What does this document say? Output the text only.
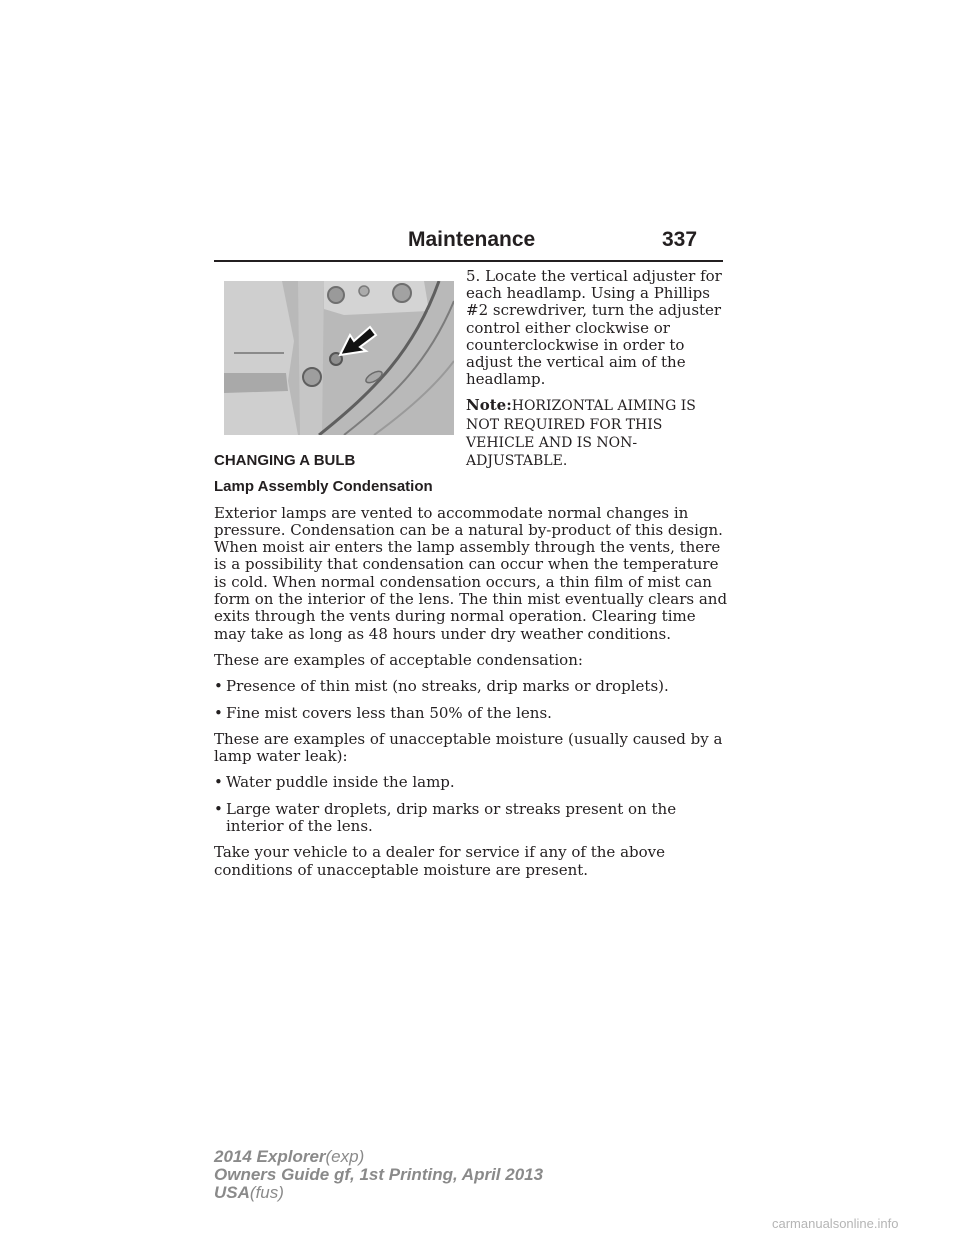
Maintenance	337

5. Locate the vertical adjuster for each headlamp. Using a Phillips #2 screwdriver, turn the adjuster control either clockwise or counterclockwise in order to adjust the vertical aim of the headlamp.

Note:HORIZONTAL AIMING IS NOT REQUIRED FOR THIS VEHICLE AND IS NON-ADJUSTABLE.

CHANGING A BULB

Lamp Assembly Condensation

Exterior lamps are vented to accommodate normal changes in pressure. Condensation can be a natural by-product of this design. When moist air enters the lamp assembly through the vents, there is a possibility that condensation can occur when the temperature is cold. When normal condensation occurs, a thin film of mist can form on the interior of the lens. The thin mist eventually clears and exits through the vents during normal operation. Clearing time may take as long as 48 hours under dry weather conditions.

These are examples of acceptable condensation:

• Presence of thin mist (no streaks, drip marks or droplets).
• Fine mist covers less than 50% of the lens.

These are examples of unacceptable moisture (usually caused by a lamp water leak):

• Water puddle inside the lamp.
• Large water droplets, drip marks or streaks present on the interior of the lens.

Take your vehicle to a dealer for service if any of the above conditions of unacceptable moisture are present.

2014 Explorer(exp)
Owners Guide gf, 1st Printing, April 2013
USA(fus)
carmanualsonline.info
